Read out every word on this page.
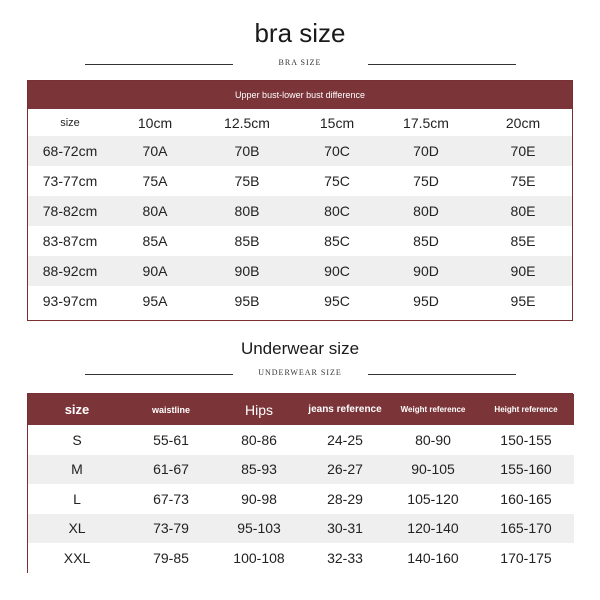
bra size
BRA SIZE
Upper bust-lower bust difference
size	10cm	12.5cm	15cm	17.5cm	20cm
68-72cm	70A	70B	70C	70D	70E
73-77cm	75A	75B	75C	75D	75E
78-82cm	80A	80B	80C	80D	80E
83-87cm	85A	85B	85C	85D	85E
88-92cm	90A	90B	90C	90D	90E
93-97cm	95A	95B	95C	95D	95E
Underwear size
UNDERWEAR SIZE
size	waistline	Hips	jeans reference	Weight reference	Height reference
S	55-61	80-86	24-25	80-90	150-155
M	61-67	85-93	26-27	90-105	155-160
L	67-73	90-98	28-29	105-120	160-165
XL	73-79	95-103	30-31	120-140	165-170
XXL	79-85	100-108	32-33	140-160	170-175
